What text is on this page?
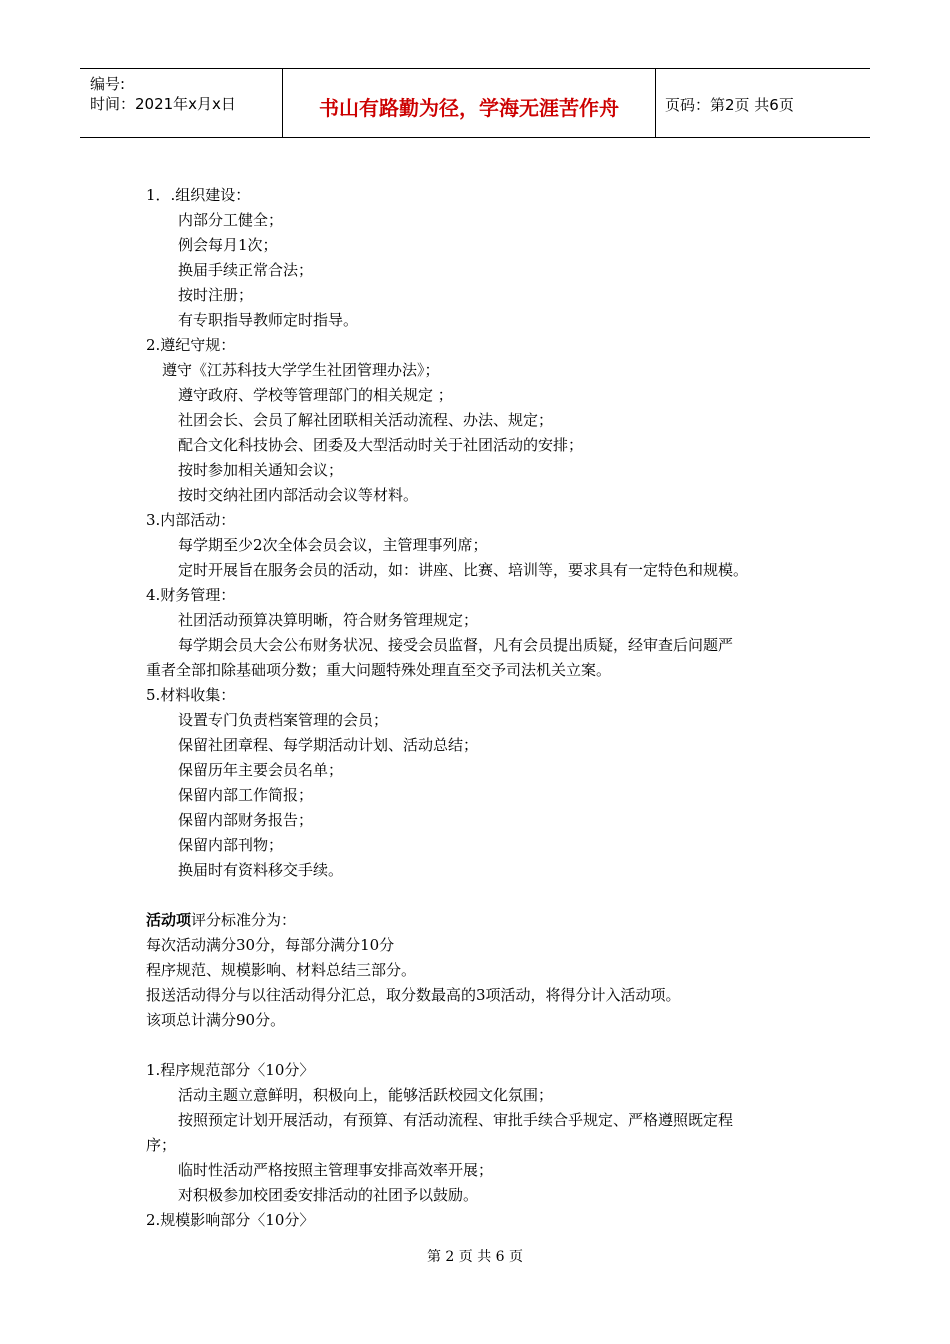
编号:
时间：2021年x月x日	书山有路勤为径，学海无涯苦作舟	页码：第2页 共6页
1．.组织建设：
内部分工健全；
例会每月1次；
换届手续正常合法；
按时注册；
有专职指导教师定时指导。
2.遵纪守规：
遵守《江苏科技大学学生社团管理办法》；
遵守政府、学校等管理部门的相关规定 ；
社团会长、会员了解社团联相关活动流程、办法、规定；
配合文化科技协会、团委及大型活动时关于社团活动的安排；
按时参加相关通知会议；
按时交纳社团内部活动会议等材料。
3.内部活动：
每学期至少2次全体会员会议，主管理事列席；
定时开展旨在服务会员的活动，如：讲座、比赛、培训等，要求具有一定特色和规模。
4.财务管理：
社团活动预算决算明晰，符合财务管理规定；
每学期会员大会公布财务状况、接受会员监督，凡有会员提出质疑，经审查后问题严
重者全部扣除基础项分数；重大问题特殊处理直至交予司法机关立案。
5.材料收集：
设置专门负责档案管理的会员；
保留社团章程、每学期活动计划、活动总结；
保留历年主要会员名单；
保留内部工作简报；
保留内部财务报告；
保留内部刊物；
换届时有资料移交手续。
活动项评分标准分为：
每次活动满分30分，每部分满分10分
程序规范、规模影响、材料总结三部分。
报送活动得分与以往活动得分汇总，取分数最高的3项活动，将得分计入活动项。
该项总计满分90分。
1.程序规范部分〈10分〉
活动主题立意鲜明，积极向上，能够活跃校园文化氛围；
按照预定计划开展活动，有预算、有活动流程、审批手续合乎规定、严格遵照既定程
序；
临时性活动严格按照主管理事安排高效率开展；
对积极参加校团委安排活动的社团予以鼓励。
2.规模影响部分〈10分〉
第 2 页 共 6 页
